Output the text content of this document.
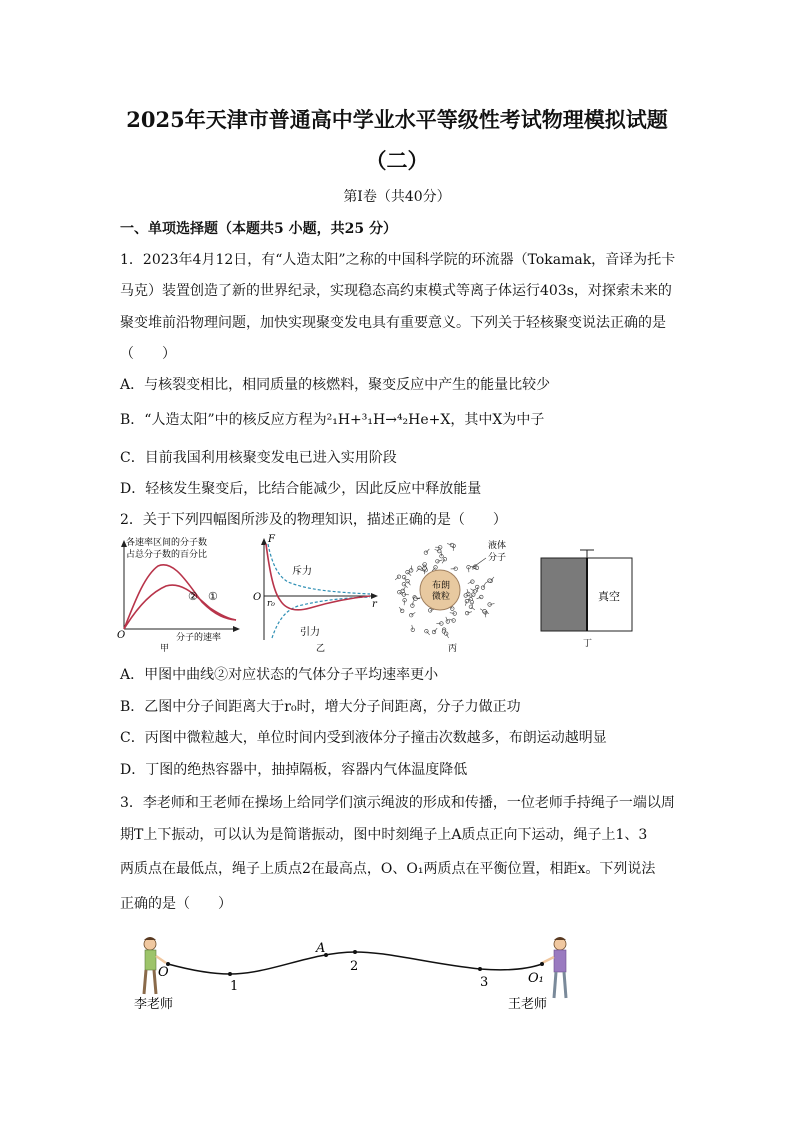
2025年天津市普通高中学业水平等级性考试物理模拟试题
（二）
第Ⅰ卷（共40分）
一、单项选择题（本题共5 小题，共25 分）
1．2023年4月12日，有“人造太阳”之称的中国科学院的环流器（Tokamak，音译为托卡
马克）装置创造了新的世界纪录，实现稳态高约束模式等离子体运行403s，对探索未来的
聚变堆前沿物理问题，加快实现聚变发电具有重要意义。下列关于轻核聚变说法正确的是
（　　）
A．与核裂变相比，相同质量的核燃料，聚变反应中产生的能量比较少
B．“人造太阳”中的核反应方程为²₁H+³₁H→⁴₂He+X，其中X为中子
C．目前我国利用核聚变发电已进入实用阶段
D．轻核发生聚变后，比结合能减少，因此反应中释放能量
2．关于下列四幅图所涉及的物理知识，描述正确的是（　　）
各速率区间的分子数
占总分子数的百分比
O	分子的速率
② ①
甲
F
O
r₀	r
斥力
引力
乙
布朗
微粒
液体
分子
丙
真空
丁
A．甲图中曲线②对应状态的气体分子平均速率更小
B．乙图中分子间距离大于r₀时，增大分子间距离，分子力做正功
C．丙图中微粒越大，单位时间内受到液体分子撞击次数越多，布朗运动越明显
D．丁图的绝热容器中，抽掉隔板，容器内气体温度降低
3．李老师和王老师在操场上给同学们演示绳波的形成和传播，一位老师手持绳子一端以周
期T上下振动，可以认为是简谐振动，图中时刻绳子上A质点正向下运动，绳子上1、3
两质点在最低点，绳子上质点2在最高点，O、O₁两质点在平衡位置，相距x。下列说法
正确的是（　　）
O
1
A
2
3	O₁
李老师	王老师
